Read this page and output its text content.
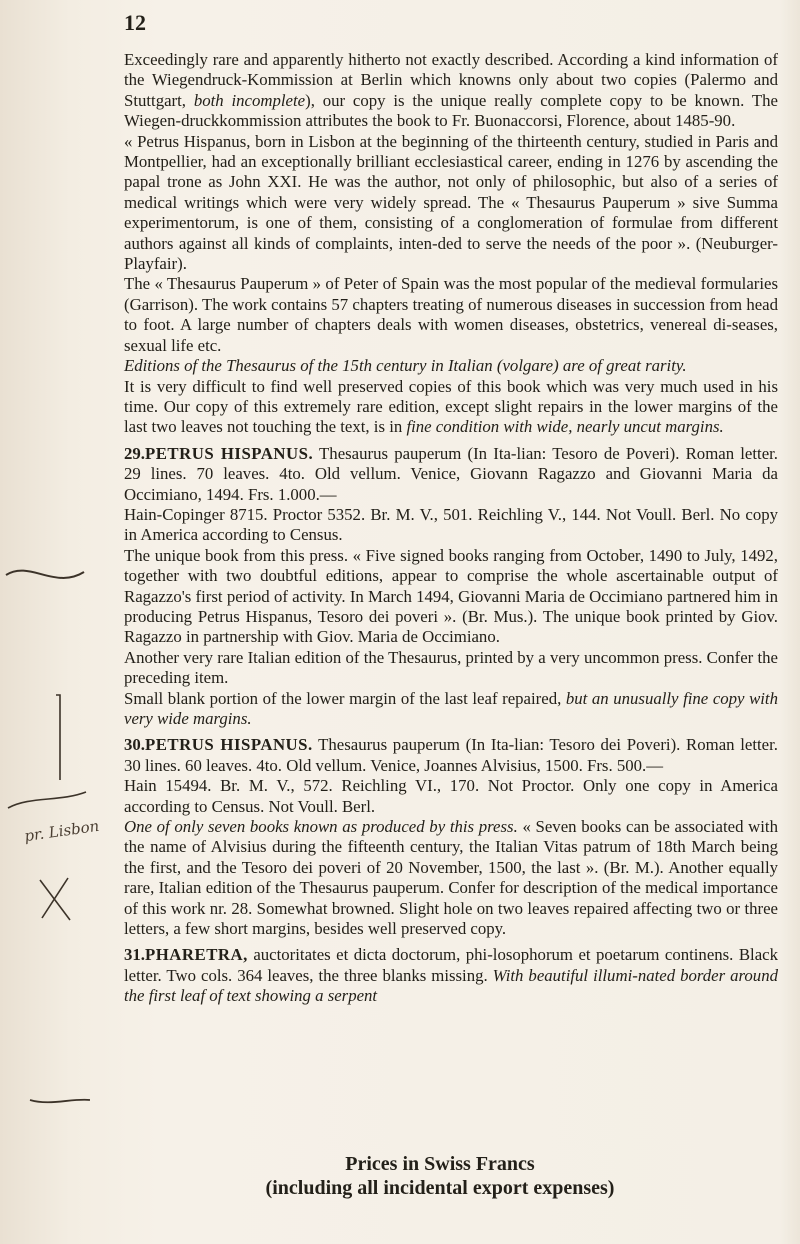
12
pr. Lisbon

Exceedingly rare and apparently hitherto not exactly described. According a kind information of the Wiegendruck-Kommission at Berlin which knowns only about two copies (Palermo and Stuttgart, both incomplete), our copy is the unique really complete copy to be known. The Wiegen-druckkommission attributes the book to Fr. Buonaccorsi, Florence, about 1485-90.

« Petrus Hispanus, born in Lisbon at the beginning of the thirteenth century, studied in Paris and Montpellier, had an exceptionally brilliant ecclesiastical career, ending in 1276 by ascending the papal trone as John XXI. He was the author, not only of philosophic, but also of a series of medical writings which were very widely spread. The « Thesaurus Pauperum » sive Summa experimentorum, is one of them, consisting of a conglomeration of formulae from different authors against all kinds of complaints, inten-ded to serve the needs of the poor ». (Neuburger-Playfair).

The « Thesaurus Pauperum » of Peter of Spain was the most popular of the medieval formularies (Garrison). The work contains 57 chapters treating of numerous diseases in succession from head to foot. A large number of chapters deals with women diseases, obstetrics, venereal di-seases, sexual life etc.

Editions of the Thesaurus of the 15th century in Italian (volgare) are of great rarity.

It is very difficult to find well preserved copies of this book which was very much used in his time. Our copy of this extremely rare edition, except slight repairs in the lower margins of the last two leaves not touching the text, is in fine condition with wide, nearly uncut margins.

29.PETRUS HISPANUS. Thesaurus pauperum (In Ita-lian: Tesoro de Poveri). Roman letter. 29 lines. 70 leaves. 4to. Old vellum. Venice, Giovann Ragazzo and Giovanni Maria da Occimiano, 1494. Frs. 1.000.—

Hain-Copinger 8715. Proctor 5352. Br. M. V., 501. Reichling V., 144. Not Voull. Berl. No copy in America according to Census.

The unique book from this press. « Five signed books ranging from October, 1490 to July, 1492, together with two doubtful editions, appear to comprise the whole ascertainable output of Ragazzo's first period of activity. In March 1494, Giovanni Maria de Occimiano partnered him in producing Petrus Hispanus, Tesoro dei poveri ». (Br. Mus.). The unique book printed by Giov. Ragazzo in partnership with Giov. Maria de Occimiano.

Another very rare Italian edition of the Thesaurus, printed by a very uncommon press. Confer the preceding item.

Small blank portion of the lower margin of the last leaf repaired, but an unusually fine copy with very wide margins.

30.PETRUS HISPANUS. Thesaurus pauperum (In Ita-lian: Tesoro dei Poveri). Roman letter. 30 lines. 60 leaves. 4to. Old vellum. Venice, Joannes Alvisius, 1500. Frs. 500.—

Hain 15494. Br. M. V., 572. Reichling VI., 170. Not Proctor. Only one copy in America according to Census. Not Voull. Berl.

One of only seven books known as produced by this press. « Seven books can be associated with the name of Alvisius during the fifteenth century, the Italian Vitas patrum of 18th March being the first, and the Tesoro dei poveri of 20 November, 1500, the last ». (Br. M.). Another equally rare, Italian edition of the Thesaurus pauperum. Confer for description of the medical importance of this work nr. 28. Somewhat browned. Slight hole on two leaves repaired affecting two or three letters, a few short margins, besides well preserved copy.

31.PHARETRA, auctoritates et dicta doctorum, phi-losophorum et poetarum continens. Black letter. Two cols. 364 leaves, the three blanks missing. With beautiful illumi-nated border around the first leaf of text showing a serpent

Prices in Swiss Francs
(including all incidental export expenses)
